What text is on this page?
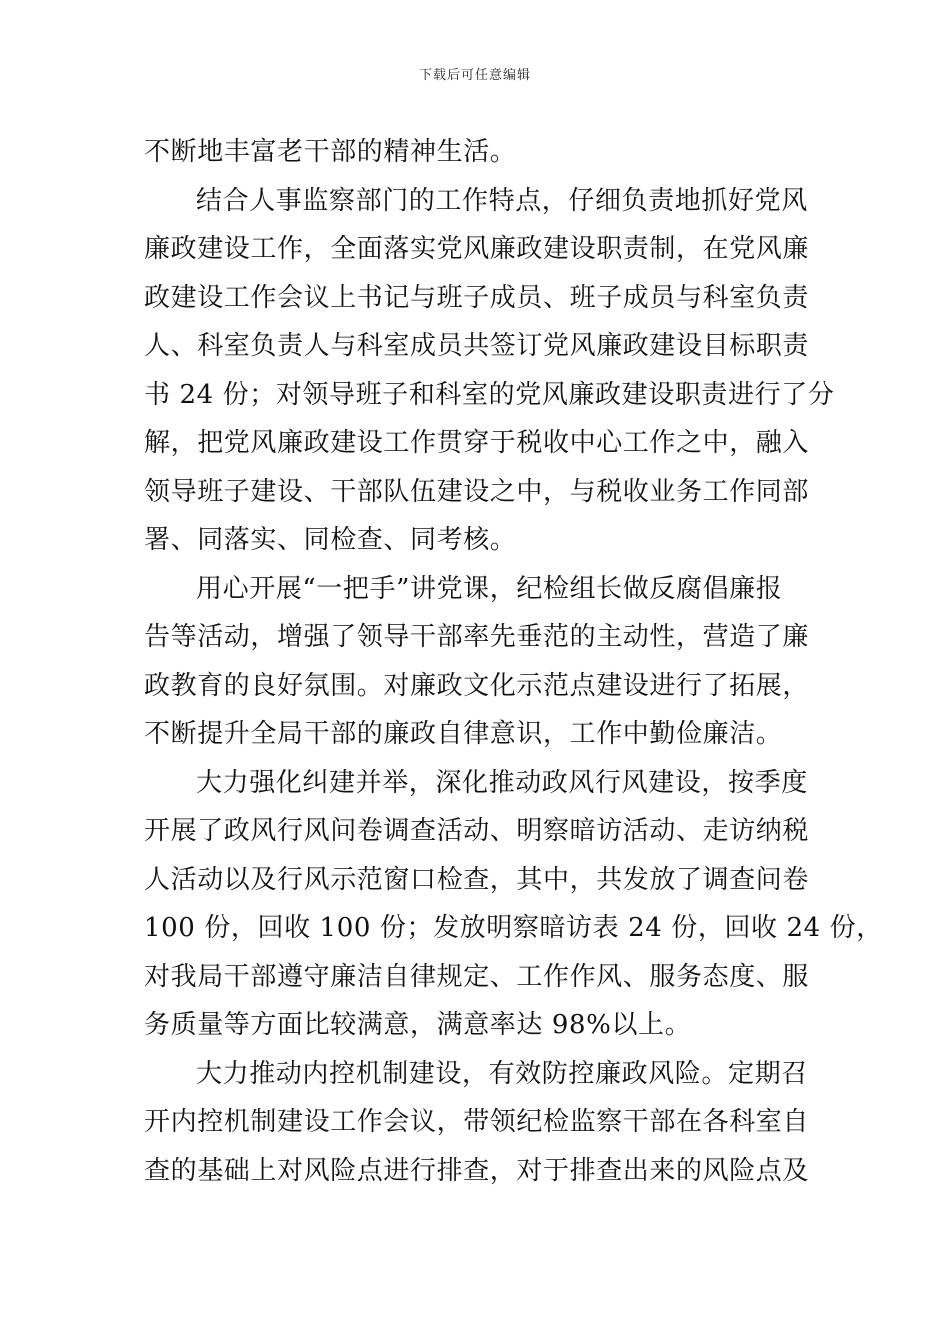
下载后可任意编辑
不断地丰富老干部的精神生活。
结合人事监察部门的工作特点，仔细负责地抓好党风
廉政建设工作，全面落实党风廉政建设职责制，在党风廉
政建设工作会议上书记与班子成员、班子成员与科室负责
人、科室负责人与科室成员共签订党风廉政建设目标职责
书 24 份；对领导班子和科室的党风廉政建设职责进行了分
解，把党风廉政建设工作贯穿于税收中心工作之中，融入
领导班子建设、干部队伍建设之中，与税收业务工作同部
署、同落实、同检查、同考核。
用心开展“一把手”讲党课，纪检组长做反腐倡廉报
告等活动，增强了领导干部率先垂范的主动性，营造了廉
政教育的良好氛围。对廉政文化示范点建设进行了拓展，
不断提升全局干部的廉政自律意识，工作中勤俭廉洁。
大力强化纠建并举，深化推动政风行风建设，按季度
开展了政风行风问卷调查活动、明察暗访活动、走访纳税
人活动以及行风示范窗口检查，其中，共发放了调查问卷
100 份，回收 100 份；发放明察暗访表 24 份，回收 24 份，
对我局干部遵守廉洁自律规定、工作作风、服务态度、服
务质量等方面比较满意，满意率达 98%以上。
大力推动内控机制建设，有效防控廉政风险。定期召
开内控机制建设工作会议，带领纪检监察干部在各科室自
查的基础上对风险点进行排查，对于排查出来的风险点及
